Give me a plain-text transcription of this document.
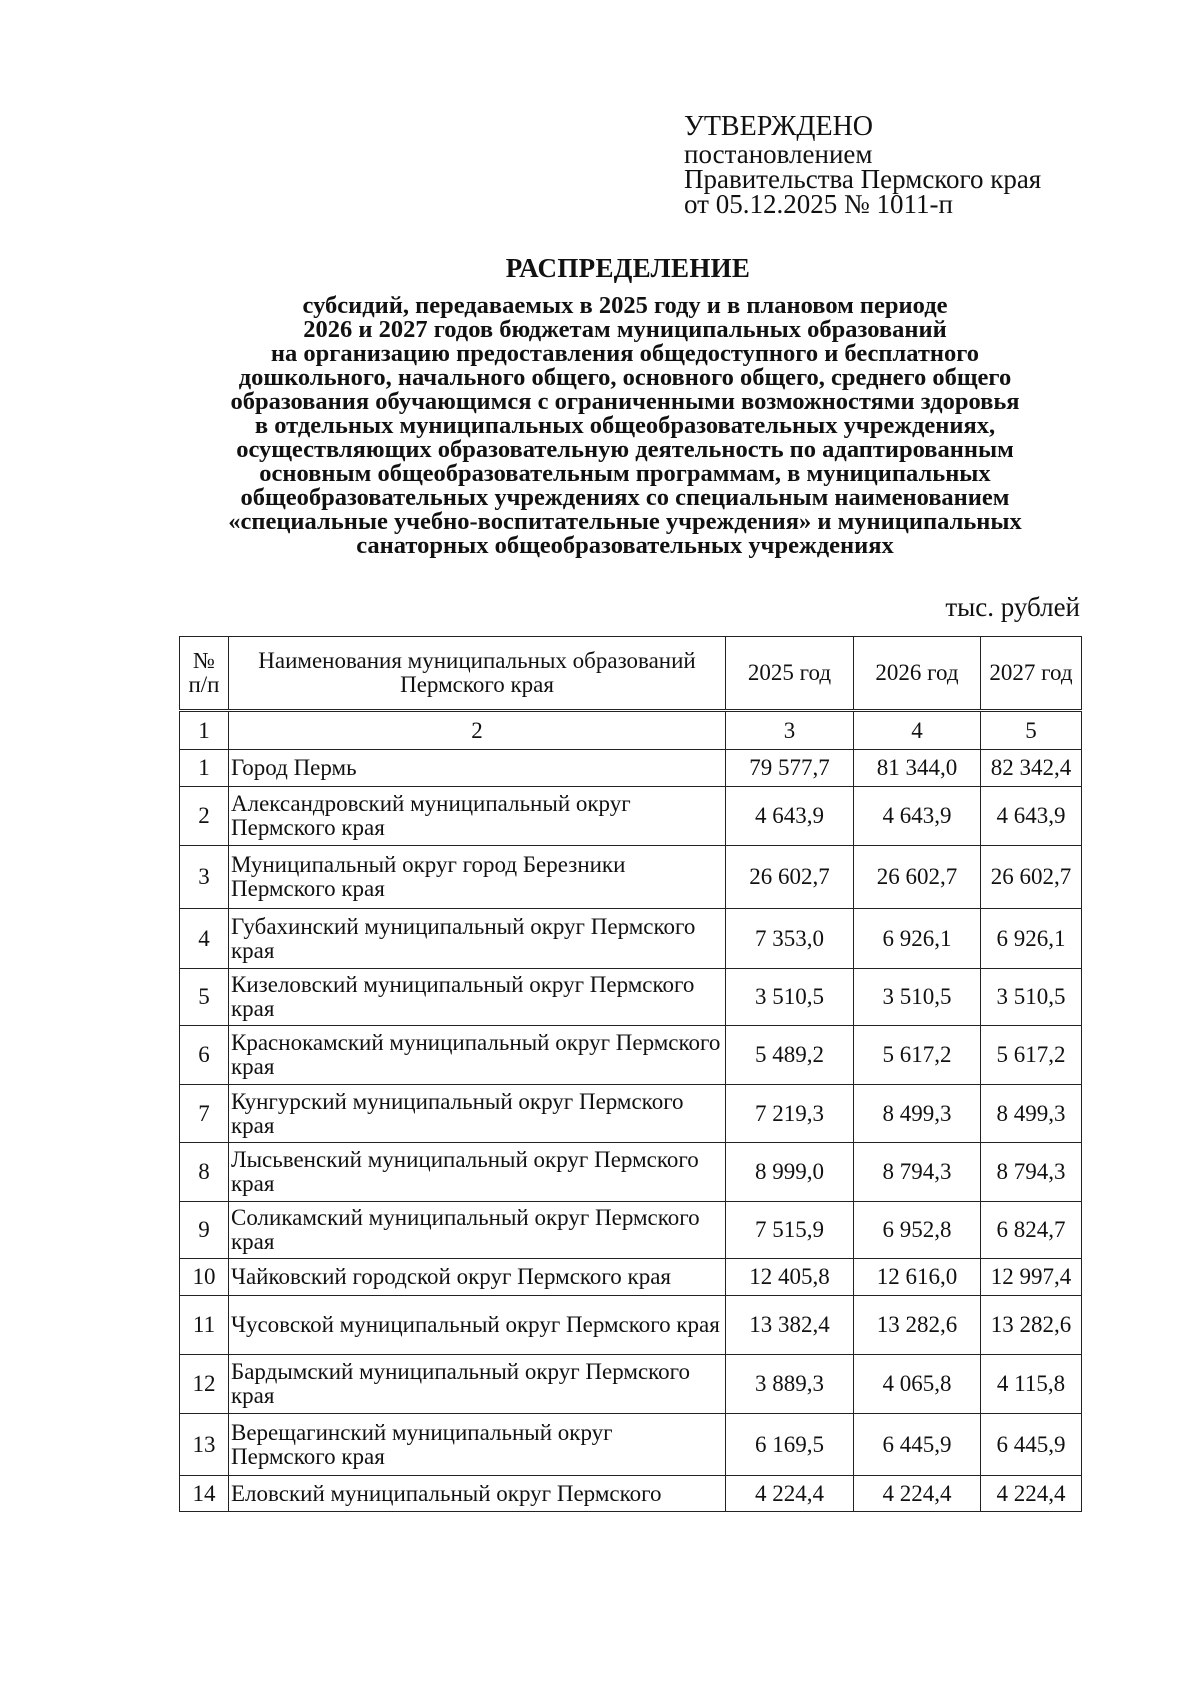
УТВЕРЖДЕНО
постановлением
Правительства Пермского края
от 05.12.2025 № 1011-п
РАСПРЕДЕЛЕНИЕ
субсидий, передаваемых в 2025 году и в плановом периоде
2026 и 2027 годов бюджетам муниципальных образований
на организацию предоставления общедоступного и бесплатного
дошкольного, начального общего, основного общего, среднего общего
образования обучающимся с ограниченными возможностями здоровья
в отдельных муниципальных общеобразовательных учреждениях,
осуществляющих образовательную деятельность по адаптированным
основным общеобразовательным программам, в муниципальных
общеобразовательных учреждениях со специальным наименованием
«специальные учебно-воспитательные учреждения» и муниципальных
санаторных общеобразовательных учреждениях
тыс. рублей
№ п/п	Наименования муниципальных образований Пермского края	2025 год	2026 год	2027 год
1	2	3	4	5
1	Город Пермь	79 577,7	81 344,0	82 342,4
2	Александровский муниципальный округ Пермского края	4 643,9	4 643,9	4 643,9
3	Муниципальный округ город Березники Пермского края	26 602,7	26 602,7	26 602,7
4	Губахинский муниципальный округ Пермского края	7 353,0	6 926,1	6 926,1
5	Кизеловский муниципальный округ Пермского края	3 510,5	3 510,5	3 510,5
6	Краснокамский муниципальный округ Пермского края	5 489,2	5 617,2	5 617,2
7	Кунгурский муниципальный округ Пермского края	7 219,3	8 499,3	8 499,3
8	Лысьвенский муниципальный округ Пермского края	8 999,0	8 794,3	8 794,3
9	Соликамский муниципальный округ Пермского края	7 515,9	6 952,8	6 824,7
10	Чайковский городской округ Пермского края	12 405,8	12 616,0	12 997,4
11	Чусовской муниципальный округ Пермского края	13 382,4	13 282,6	13 282,6
12	Бардымский муниципальный округ Пермского края	3 889,3	4 065,8	4 115,8
13	Верещагинский муниципальный округ Пермского края	6 169,5	6 445,9	6 445,9
14	Еловский муниципальный округ Пермского	4 224,4	4 224,4	4 224,4
